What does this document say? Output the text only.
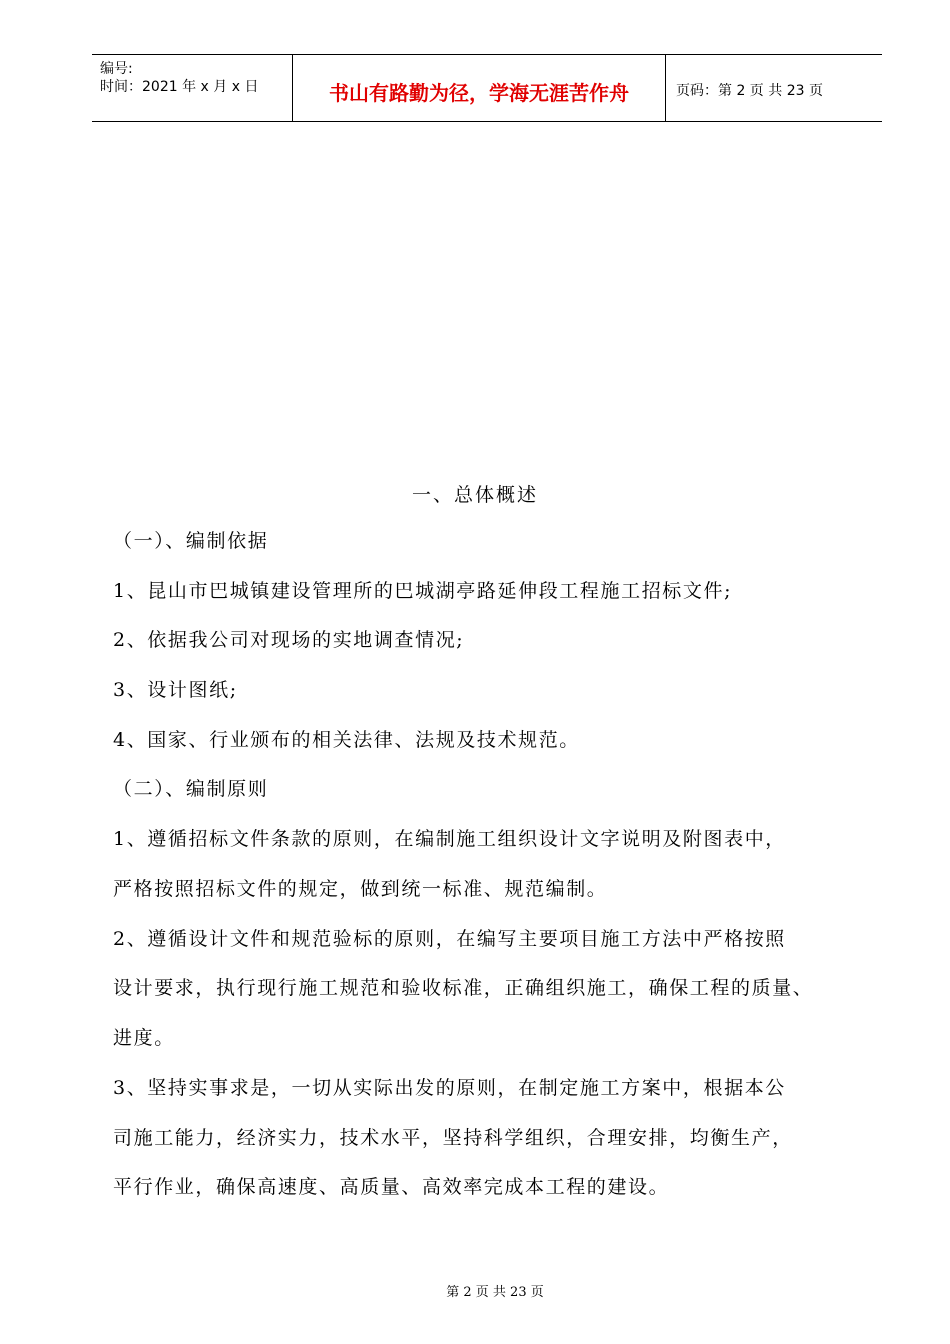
编号:
时间：2021 年 x 月 x 日	书山有路勤为径，学海无涯苦作舟	页码：第 2 页 共 23 页
一、总体概述
（一）、编制依据
1、昆山市巴城镇建设管理所的巴城湖亭路延伸段工程施工招标文件;
2、依据我公司对现场的实地调查情况;
3、设计图纸;
4、国家、行业颁布的相关法律、法规及技术规范。
（二）、编制原则
1、遵循招标文件条款的原则，在编制施工组织设计文字说明及附图表中，
严格按照招标文件的规定，做到统一标准、规范编制。
2、遵循设计文件和规范验标的原则，在编写主要项目施工方法中严格按照
设计要求，执行现行施工规范和验收标准，正确组织施工，确保工程的质量、
进度。
3、坚持实事求是，一切从实际出发的原则，在制定施工方案中，根据本公
司施工能力，经济实力，技术水平，坚持科学组织，合理安排，均衡生产，
平行作业，确保高速度、高质量、高效率完成本工程的建设。
第 2 页 共 23 页
